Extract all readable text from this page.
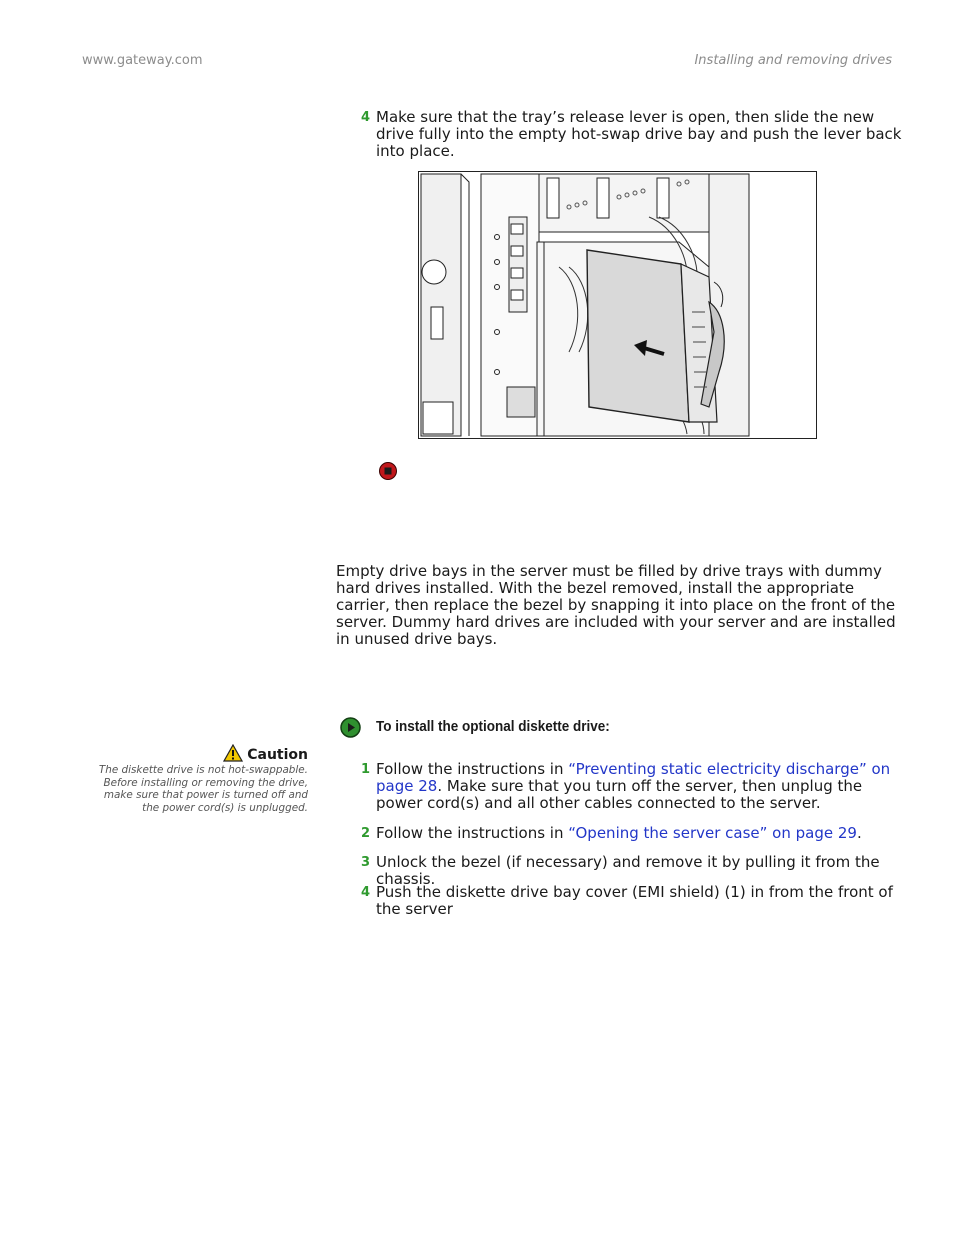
www.gateway.com	Installing and removing drives
4 Make sure that the tray’s release lever is open, then slide the new drive fully into the empty hot-swap drive bay and push the lever back into place.
Empty drive bays in the server must be filled by drive trays with dummy hard drives installed. With the bezel removed, install the appropriate carrier, then replace the bezel by snapping it into place on the front of the server. Dummy hard drives are included with your server and are installed in unused drive bays.
To install the optional diskette drive:
Caution
The diskette drive is not hot-swappable. Before installing or removing the drive, make sure that power is turned off and the power cord(s) is unplugged.
1 Follow the instructions in “Preventing static electricity discharge” on page 28. Make sure that you turn off the server, then unplug the power cord(s) and all other cables connected to the server.
2 Follow the instructions in “Opening the server case” on page 29.
3 Unlock the bezel (if necessary) and remove it by pulling it from the chassis.
4 Push the diskette drive bay cover (EMI shield) (1) in from the front of the server
